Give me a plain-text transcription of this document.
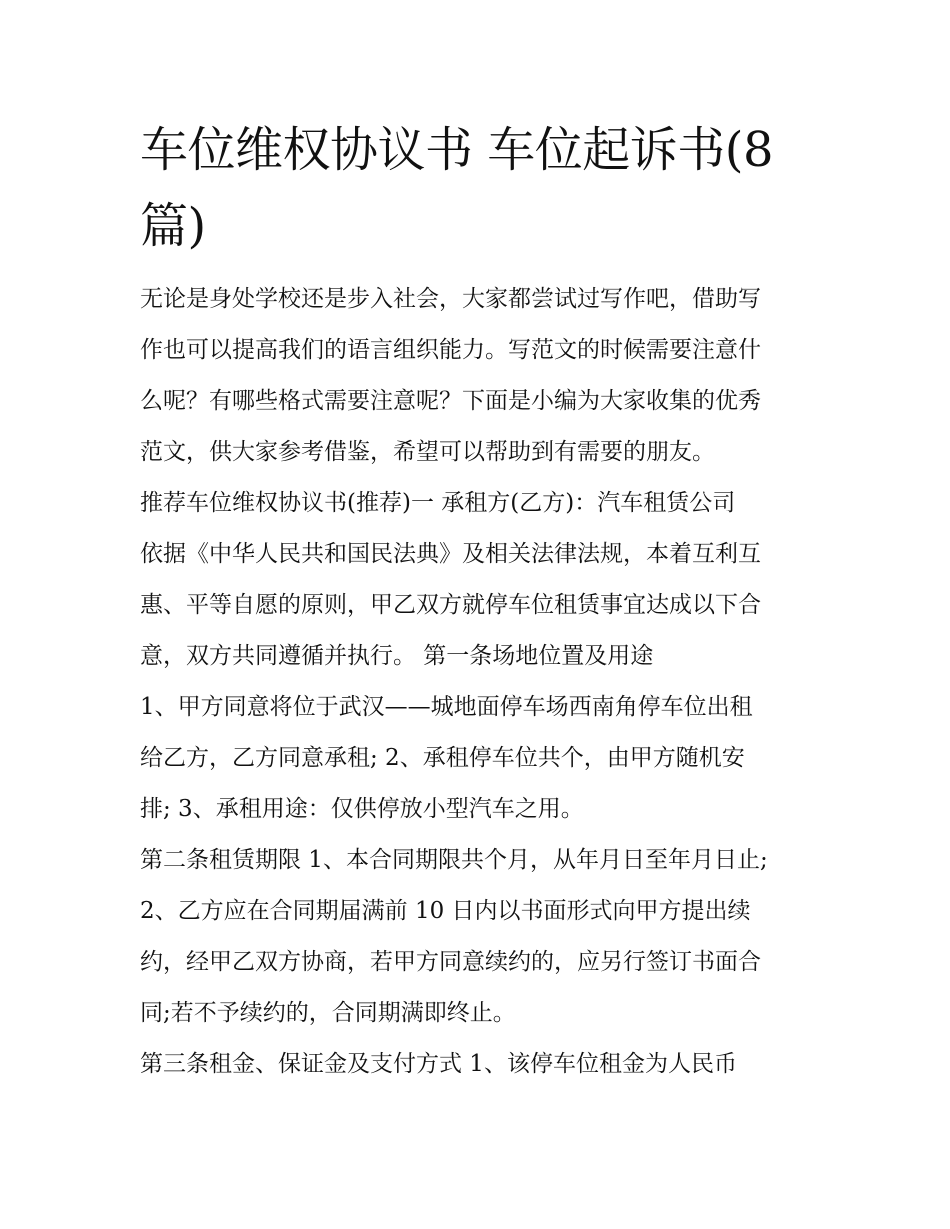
车位维权协议书 车位起诉书(8
篇)

无论是身处学校还是步入社会，大家都尝试过写作吧，借助写
作也可以提高我们的语言组织能力。写范文的时候需要注意什
么呢？有哪些格式需要注意呢？下面是小编为大家收集的优秀
范文，供大家参考借鉴，希望可以帮助到有需要的朋友。

推荐车位维权协议书(推荐)一 承租方(乙方)：汽车租赁公司
依据《中华人民共和国民法典》及相关法律法规，本着互利互
惠、平等自愿的原则，甲乙双方就停车位租赁事宜达成以下合
意，双方共同遵循并执行。 第一条场地位置及用途

1、甲方同意将位于武汉——城地面停车场西南角停车位出租
给乙方，乙方同意承租; 2、承租停车位共个，由甲方随机安
排; 3、承租用途：仅供停放小型汽车之用。

第二条租赁期限 1、本合同期限共个月，从年月日至年月日止;
2、乙方应在合同期届满前 10 日内以书面形式向甲方提出续
约，经甲乙双方协商，若甲方同意续约的，应另行签订书面合
同;若不予续约的，合同期满即终止。

第三条租金、保证金及支付方式 1、该停车位租金为人民币
